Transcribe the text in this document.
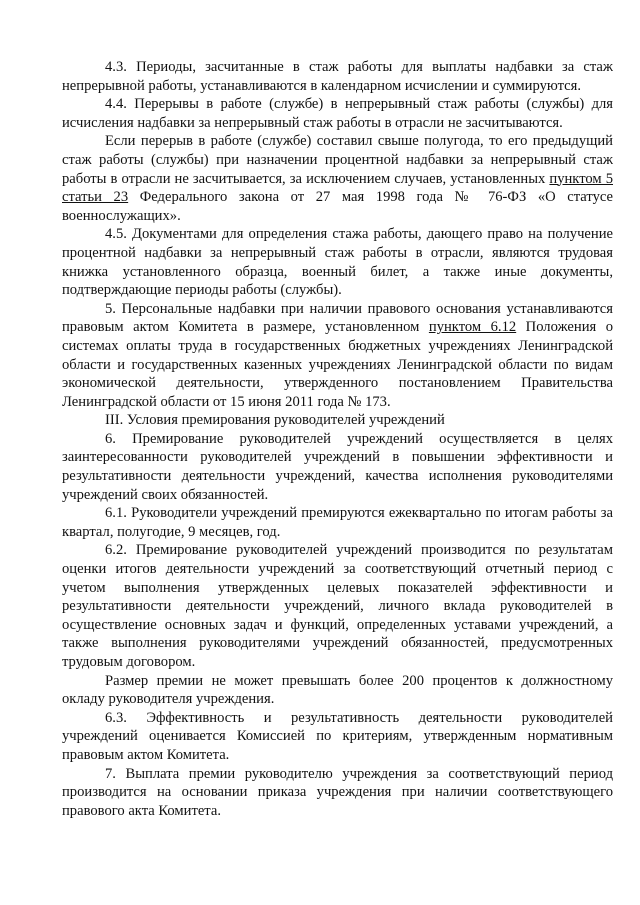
4.3. Периоды, засчитанные в стаж работы для выплаты надбавки за стаж непрерывной работы, устанавливаются в календарном исчислении и суммируются.

4.4. Перерывы в работе (службе) в непрерывный стаж работы (службы) для исчисления надбавки за непрерывный стаж работы в отрасли не засчитываются.

Если перерыв в работе (службе) составил свыше полугода, то его предыдущий стаж работы (службы) при назначении процентной надбавки за непрерывный стаж работы в отрасли не засчитывается, за исключением случаев, установленных пунктом 5 статьи 23 Федерального закона от 27 мая 1998 года № 76-ФЗ «О статусе военнослужащих».

4.5. Документами для определения стажа работы, дающего право на получение процентной надбавки за непрерывный стаж работы в отрасли, являются трудовая книжка установленного образца, военный билет, а также иные документы, подтверждающие периоды работы (службы).

5. Персональные надбавки при наличии правового основания устанавливаются правовым актом Комитета в размере, установленном пунктом 6.12 Положения о системах оплаты труда в государственных бюджетных учреждениях Ленинградской области и государственных казенных учреждениях Ленинградской области по видам экономической деятельности, утвержденного постановлением Правительства Ленинградской области от 15 июня 2011 года № 173.

III. Условия премирования руководителей учреждений

6. Премирование руководителей учреждений осуществляется в целях заинтересованности руководителей учреждений в повышении эффективности и результативности деятельности учреждений, качества исполнения руководителями учреждений своих обязанностей.

6.1. Руководители учреждений премируются ежеквартально по итогам работы за квартал, полугодие, 9 месяцев, год.

6.2. Премирование руководителей учреждений производится по результатам оценки итогов деятельности учреждений за соответствующий отчетный период с учетом выполнения утвержденных целевых показателей эффективности и результативности деятельности учреждений, личного вклада руководителей в осуществление основных задач и функций, определенных уставами учреждений, а также выполнения руководителями учреждений обязанностей, предусмотренных трудовым договором.

Размер премии не может превышать более 200 процентов к должностному окладу руководителя учреждения.

6.3. Эффективность и результативность деятельности руководителей учреждений оценивается Комиссией по критериям, утвержденным нормативным правовым актом Комитета.

7. Выплата премии руководителю учреждения за соответствующий период производится на основании приказа учреждения при наличии соответствующего правового акта Комитета.
